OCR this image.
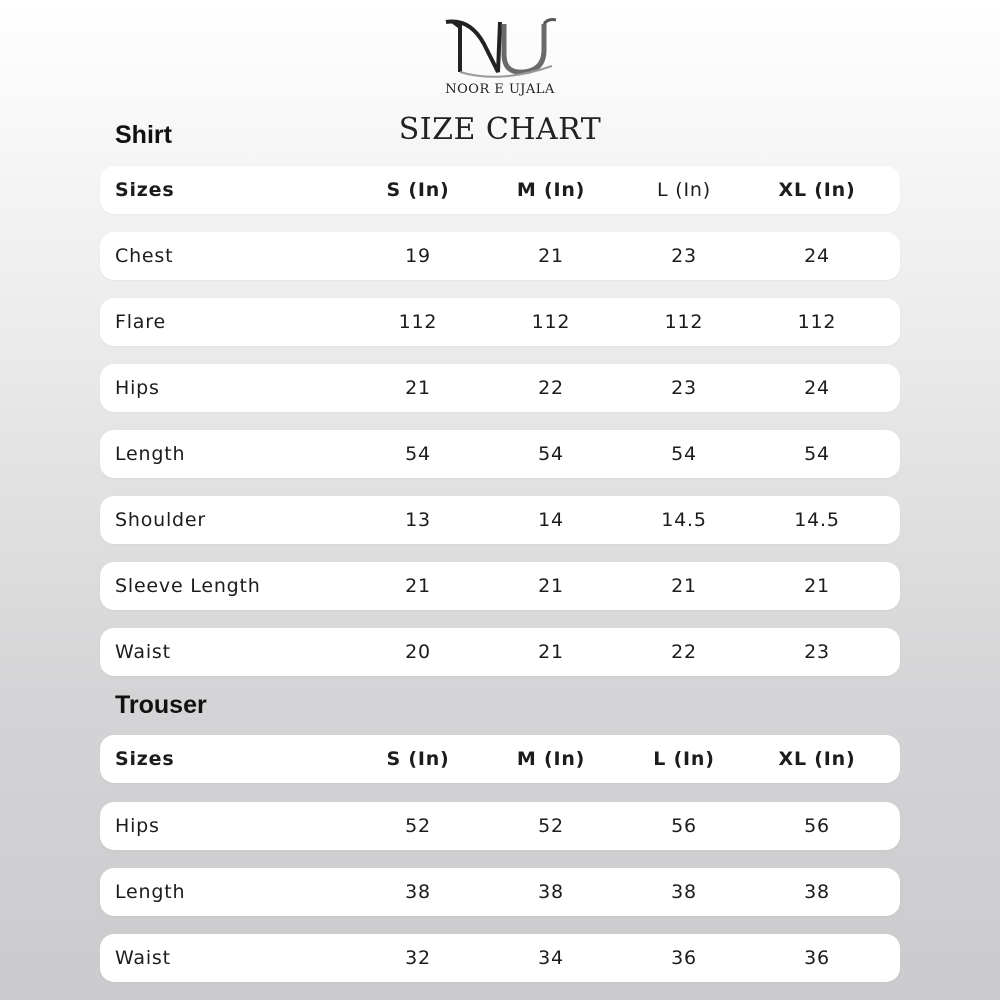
NOOR E UJALA
SIZE CHART
Shirt
Sizes	S (In)	M (In)	L (In)	XL (In)
Chest	19	21	23	24
Flare	112	112	112	112
Hips	21	22	23	24
Length	54	54	54	54
Shoulder	13	14	14.5	14.5
Sleeve Length	21	21	21	21
Waist	20	21	22	23
Trouser
Sizes	S (In)	M (In)	L (In)	XL (In)
Hips	52	52	56	56
Length	38	38	38	38
Waist	32	34	36	36
